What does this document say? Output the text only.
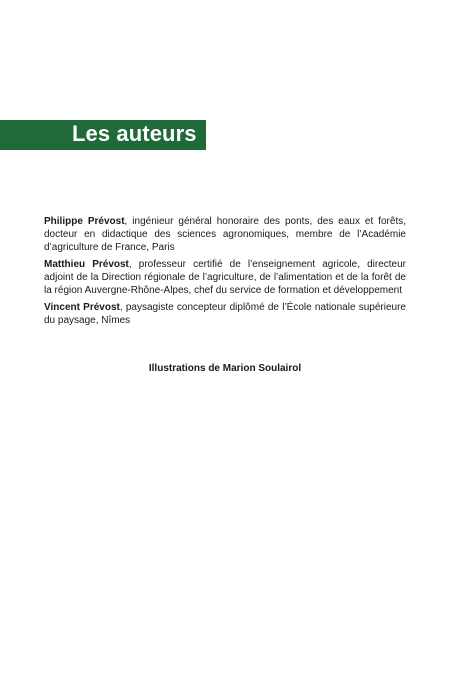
Les auteurs

Philippe Prévost, ingénieur général honoraire des ponts, des eaux et forêts, docteur en didactique des sciences agronomiques, membre de l’Académie d’agriculture de France, Paris

Matthieu Prévost, professeur certifié de l’enseignement agricole, directeur adjoint de la Direction régionale de l’agriculture, de l’alimentation et de la forêt de la région Auvergne-Rhône-Alpes, chef du service de formation et développement

Vincent Prévost, paysagiste concepteur diplômé de l’École nationale supérieure du paysage, Nîmes

Illustrations de Marion Soulairol
